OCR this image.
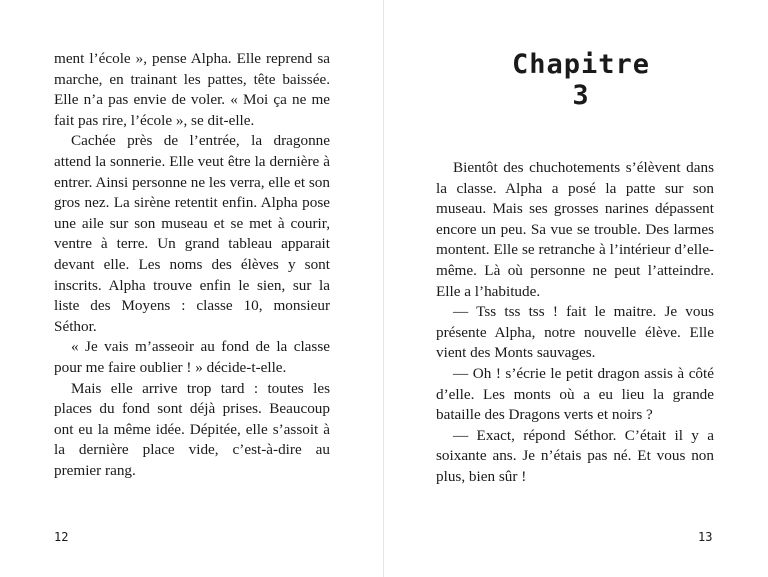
ment l’école », pense Alpha. Elle reprend sa marche, en trainant les pattes, tête baissée. Elle n’a pas envie de voler. « Moi ça ne me fait pas rire, l’école », se dit-elle.

Cachée près de l’entrée, la dragonne attend la sonnerie. Elle veut être la dernière à entrer. Ainsi personne ne les verra, elle et son gros nez. La sirène retentit enfin. Alpha pose une aile sur son museau et se met à courir, ventre à terre. Un grand tableau apparait devant elle. Les noms des élèves y sont inscrits. Alpha trouve enfin le sien, sur la liste des Moyens : classe 10, monsieur Séthor.

« Je vais m’asseoir au fond de la classe pour me faire oublier ! » décide-t-elle.

Mais elle arrive trop tard : toutes les places du fond sont déjà prises. Beaucoup ont eu la même idée. Dépitée, elle s’assoit à la dernière place vide, c’est-à-dire au premier rang.

12
Chapitre 3

Bientôt des chuchotements s’élèvent dans la classe. Alpha a posé la patte sur son museau. Mais ses grosses narines dépassent encore un peu. Sa vue se trouble. Des larmes montent. Elle se retranche à l’intérieur d’elle-même. Là où personne ne peut l’atteindre. Elle a l’habitude.

— Tss tss tss ! fait le maitre. Je vous présente Alpha, notre nouvelle élève. Elle vient des Monts sauvages.

— Oh ! s’écrie le petit dragon assis à côté d’elle. Les monts où a eu lieu la grande bataille des Dragons verts et noirs ?

— Exact, répond Séthor. C’était il y a soixante ans. Je n’étais pas né. Et vous non plus, bien sûr !

13
